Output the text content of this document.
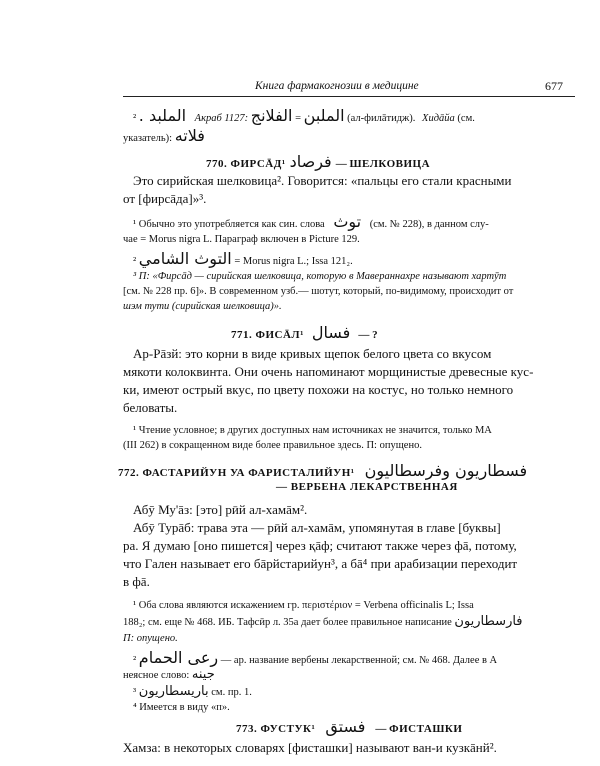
Книга фармакогнозии в медицине	677
² الملبد . Акраб 1127:	الملبن = الفلانج	(ал-филāтидж). Хидāйа (см.
указатель): فلاته
770. ФИРСĀД¹ فرصاد — ШЕЛКОВИЦА
Это сирийская шелковица². Говорится: «пальцы его стали красными
от [фирсāда]»³.
¹ Обычно это употребляется как син. слова توث (см. № 228), в данном слу-
чае = Morus nigra L. Параграф включен в Picture 129.
² التوث الشامي = Morus nigra L.; Issa 121₂.
³ П: «Фирсāд — сирийская шелковица, которую в Мавераннахре называют хартӯт
[см. № 228 пр. 6]». В современном узб.— шотут, который, по-видимому, происходит от
шэм тути (сирийская шелковица)».
771. ФИСĀЛ¹ فسال — ?
Ар-Рāзй: это корни в виде кривых щепок белого цвета со вкусом
мякоти колоквинта. Они очень напоминают морщинистые древесные кус-
ки, имеют острый вкус, по цвету похожи на костус, но только немного
беловаты.
¹ Чтение условное; в других доступных нам источниках не значится, только MA
(III 262) в сокращенном виде более правильное здесь. П: опущено.
772. ФАСТАРИЙУН УА ФАРИСТАЛИЙУН¹ فسطاريون وفرسطاليون
— ВЕРБЕНА ЛЕКАРСТВЕННАЯ
Абӯ Му'āз: [это] рӣй ал-хамāм².
Абӯ Турāб: трава эта — рӣй ал-хамāм, упомянутая в главе [буквы]
ра. Я думаю [оно пишется] через қāф; считают также через фā, потому,
что Гален называет его бāрйстарийун³, а бā⁴ при арабизации переходит
в фā.
¹ Оба слова являются искажением гр. περιστέριον = Verbena officinalis L; Issa
188₂; см. еще № 468. ИБ. Тафсӣр л. 35а дает более правильное написание فارسطاريون
П: опущено.
² رعى الحمام — ар. название вербены лекарственной; см. № 468. Далее в А
неясное слово: جينه
³ باريسطاريون см. пр. 1.
⁴ Имеется в виду «п».
773. ФУСТУК¹ فستق — ФИСТАШКИ
Хамза: в некоторых словарях [фисташки] называют ван-и кузкāнй².
